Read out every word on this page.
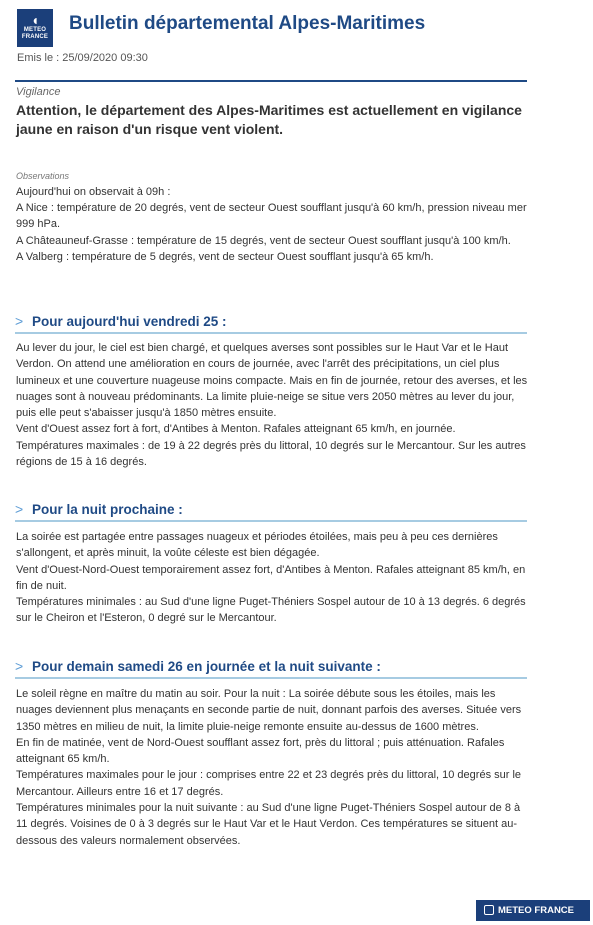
◖
METEO
FRANCE
Bulletin départemental Alpes-Maritimes
Emis le : 25/09/2020 09:30
Vigilance
Attention, le département des Alpes-Maritimes est actuellement en vigilance jaune en raison d'un risque vent violent.
Observations

Aujourd'hui on observait à 09h :

A Nice : température de 20 degrés, vent de secteur Ouest soufflant jusqu'à 60 km/h, pression niveau mer 999 hPa.

A Châteauneuf-Grasse : température de 15 degrés, vent de secteur Ouest soufflant jusqu'à 100 km/h.

A Valberg : température de 5 degrés, vent de secteur Ouest soufflant jusqu'à 65 km/h.

> Pour aujourd'hui vendredi 25 :

Au lever du jour, le ciel est bien chargé, et quelques averses sont possibles sur le Haut Var et le Haut Verdon. On attend une amélioration en cours de journée, avec l'arrêt des précipitations, un ciel plus lumineux et une couverture nuageuse moins compacte. Mais en fin de journée, retour des averses, et les nuages sont à nouveau prédominants. La limite pluie-neige se situe vers 2050 mètres au lever du jour, puis elle peut s'abaisser jusqu'à 1850 mètres ensuite.

Vent d'Ouest assez fort à fort, d'Antibes à Menton. Rafales atteignant 65 km/h, en journée.

Températures maximales : de 19 à 22 degrés près du littoral, 10 degrés sur le Mercantour. Sur les autres régions de 15 à 16 degrés.

> Pour la nuit prochaine :

La soirée est partagée entre passages nuageux et périodes étoilées, mais peu à peu ces dernières s'allongent, et après minuit, la voûte céleste est bien dégagée.

Vent d'Ouest-Nord-Ouest temporairement assez fort, d'Antibes à Menton. Rafales atteignant 85 km/h, en fin de nuit.

Températures minimales : au Sud d'une ligne Puget-Théniers Sospel autour de 10 à 13 degrés. 6 degrés sur le Cheiron et l'Esteron, 0 degré sur le Mercantour.

> Pour demain samedi 26 en journée et la nuit suivante :

Le soleil règne en maître du matin au soir. Pour la nuit : La soirée débute sous les étoiles, mais les nuages deviennent plus menaçants en seconde partie de nuit, donnant parfois des averses. Située vers 1350 mètres en milieu de nuit, la limite pluie-neige remonte ensuite au-dessus de 1600 mètres.

En fin de matinée, vent de Nord-Ouest soufflant assez fort, près du littoral ; puis atténuation. Rafales atteignant 65 km/h.

Températures maximales pour le jour : comprises entre 22 et 23 degrés près du littoral, 10 degrés sur le Mercantour. Ailleurs entre 16 et 17 degrés.

Températures minimales pour la nuit suivante : au Sud d'une ligne Puget-Théniers Sospel autour de 8 à 11 degrés. Voisines de 0 à 3 degrés sur le Haut Var et le Haut Verdon. Ces températures se situent au-dessous des valeurs normalement observées.

METEO FRANCE
